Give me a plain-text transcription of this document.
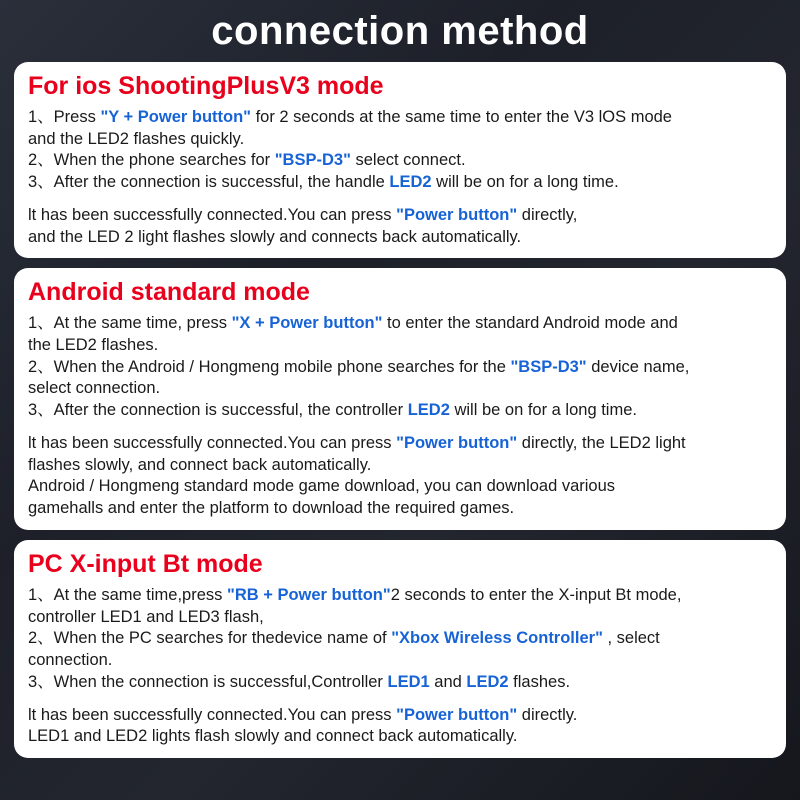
connection method
For ios ShootingPlusV3 mode
1、Press "Y + Power button" for 2 seconds at the same time to enter the V3 lOS mode
and the LED2 flashes quickly.
2、When the phone searches for "BSP-D3" select connect.
3、After the connection is successful, the handle LED2 will be on for a long time.
lt has been successfully connected.You can press "Power button" directly,
and the LED 2 light flashes slowly and connects back automatically.
Android standard mode
1、At the same time, press "X + Power button" to enter the standard Android mode and
the LED2 flashes.
2、When the Android / Hongmeng mobile phone searches for the "BSP-D3" device name,
select connection.
3、After the connection is successful, the controller LED2 will be on for a long time.
lt has been successfully connected.You can press "Power button" directly, the LED2 light
flashes slowly, and connect back automatically.
Android / Hongmeng standard mode game download, you can download various
gamehalls and enter the platform to download the required games.
PC X-input Bt mode
1、At the same time,press "RB + Power button"2 seconds to enter the X-input Bt mode,
controller LED1 and LED3 flash,
2、When the PC searches for thedevice name of "Xbox Wireless Controller" , select
connection.
3、When the connection is successful,Controller LED1 and LED2 flashes.
lt has been successfully connected.You can press "Power button" directly.
LED1 and LED2 lights flash slowly and connect back automatically.
